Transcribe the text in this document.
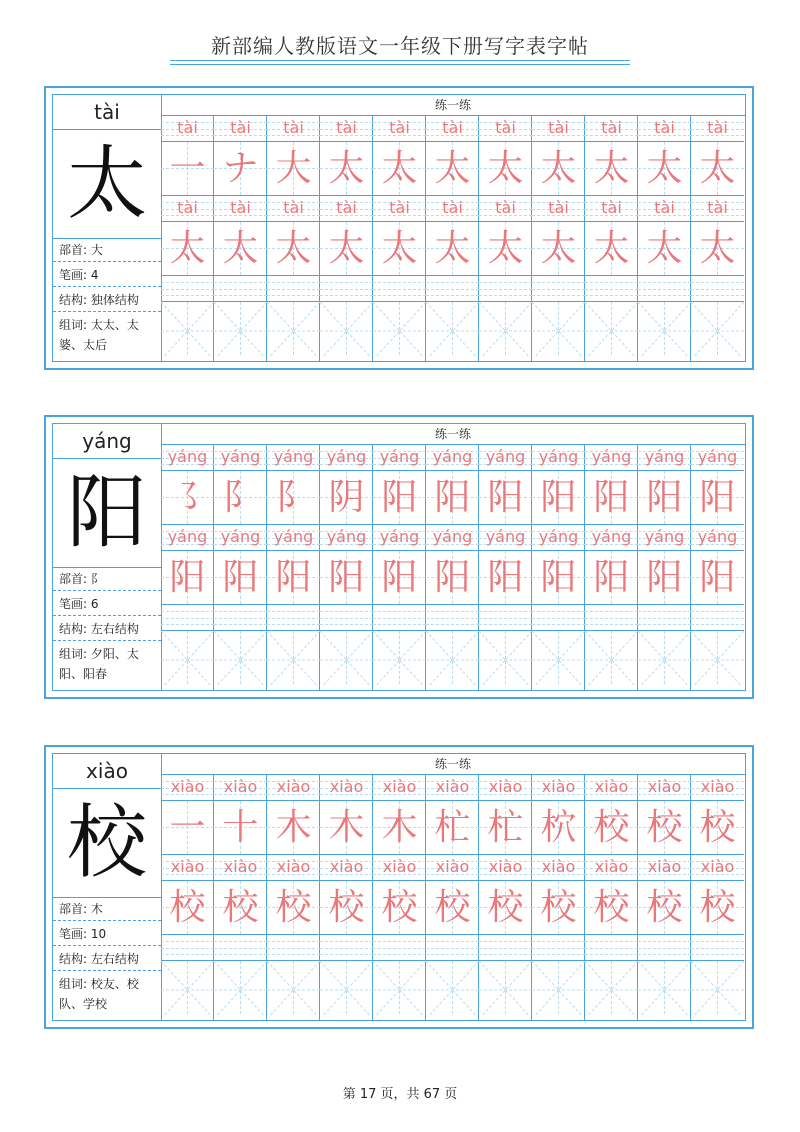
新部编人教版语文一年级下册写字表字帖
tài
太
部首: 大
笔画: 4
结构: 独体结构
组词: 太太、太婆、太后
练一练
tài
一
tài
太
tài
ナ
tài
太
tài
大
tài
太
tài
太
tài
太
tài
太
tài
太
tài
太
tài
太
tài
太
tài
太
tài
太
tài
太
tài
太
tài
太
tài
太
tài
太
tài
太
tài
太
yáng
阳
部首: 阝
笔画: 6
结构: 左右结构
组词: 夕阳、太阳、阳春
练一练
yáng
㇌
yáng
阳
yáng
阝
yáng
阳
yáng
阝
yáng
阳
yáng
阴
yáng
阳
yáng
阳
yáng
阳
yáng
阳
yáng
阳
yáng
阳
yáng
阳
yáng
阳
yáng
阳
yáng
阳
yáng
阳
yáng
阳
yáng
阳
yáng
阳
yáng
阳
xiào
校
部首: 木
笔画: 10
结构: 左右结构
组词: 校友、校队、学校
练一练
xiào
一
xiào
校
xiào
十
xiào
校
xiào
木
xiào
校
xiào
木
xiào
校
xiào
木
xiào
校
xiào
杧
xiào
校
xiào
杧
xiào
校
xiào
柼
xiào
校
xiào
校
xiào
校
xiào
校
xiào
校
xiào
校
xiào
校
第 17 页，共 67 页
